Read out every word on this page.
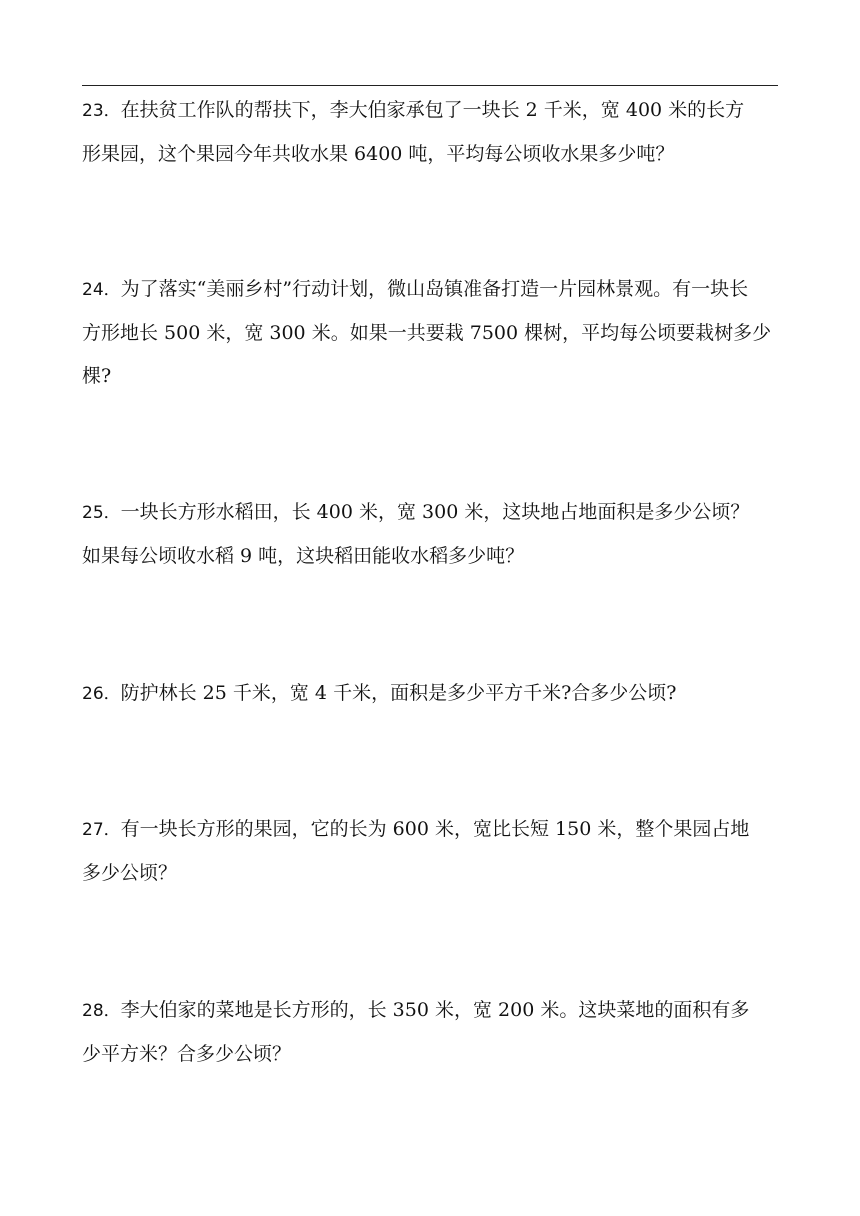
23．在扶贫工作队的帮扶下，李大伯家承包了一块长 2 千米，宽 400 米的长方
形果园，这个果园今年共收水果 6400 吨，平均每公顷收水果多少吨？
24．为了落实“美丽乡村”行动计划，微山岛镇准备打造一片园林景观。有一块长
方形地长 500 米，宽 300 米。如果一共要栽 7500 棵树，平均每公顷要栽树多少
棵?
25．一块长方形水稻田，长 400 米，宽 300 米，这块地占地面积是多少公顷？
如果每公顷收水稻 9 吨，这块稻田能收水稻多少吨？
26．防护林长 25 千米，宽 4 千米，面积是多少平方千米?合多少公顷?
27．有一块长方形的果园，它的长为 600 米，宽比长短 150 米，整个果园占地
多少公顷？
28．李大伯家的菜地是长方形的，长 350 米，宽 200 米。这块菜地的面积有多
少平方米？合多少公顷？
